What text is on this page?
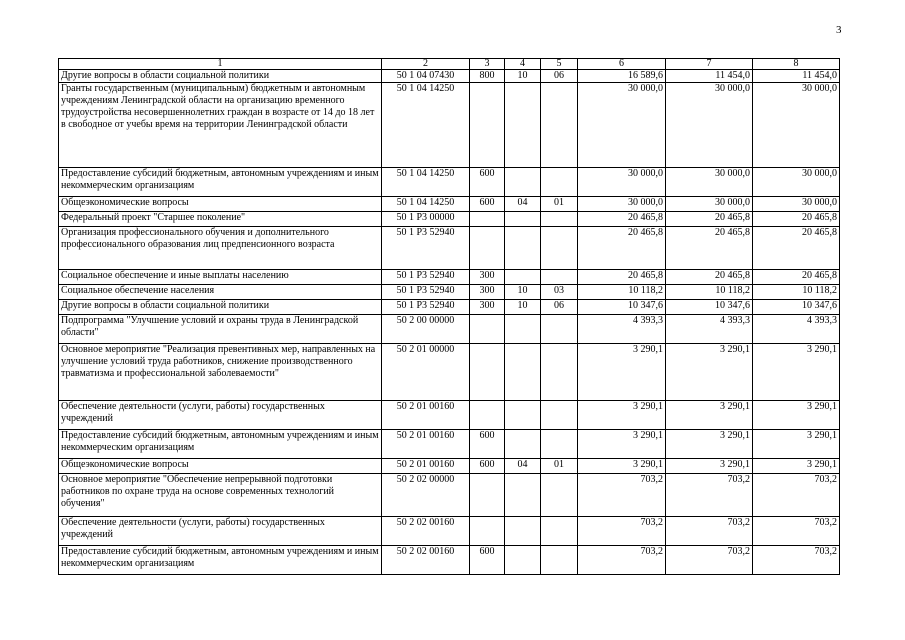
3
1	2	3	4	5	6	7	8
Другие вопросы в области социальной политики	50 1 04 07430	800	10	06	16 589,6	11 454,0	11 454,0
Гранты государственным (муниципальным) бюджетным и автономным учреждениям Ленинградской области на организацию временного трудоустройства несовершеннолетних граждан в возрасте от 14 до 18 лет в свободное от учебы время на территории Ленинградской области	50 1 04 14250				30 000,0	30 000,0	30 000,0
Предоставление субсидий бюджетным, автономным учреждениям и иным некоммерческим организациям	50 1 04 14250	600			30 000,0	30 000,0	30 000,0
Общеэкономические вопросы	50 1 04 14250	600	04	01	30 000,0	30 000,0	30 000,0
Федеральный проект "Старшее поколение"	50 1 P3 00000				20 465,8	20 465,8	20 465,8
Организация профессионального обучения и дополнительного профессионального образования лиц предпенсионного возраста	50 1 P3 52940				20 465,8	20 465,8	20 465,8
Социальное обеспечение и иные выплаты населению	50 1 P3 52940	300			20 465,8	20 465,8	20 465,8
Социальное обеспечение населения	50 1 P3 52940	300	10	03	10 118,2	10 118,2	10 118,2
Другие вопросы в области социальной политики	50 1 P3 52940	300	10	06	10 347,6	10 347,6	10 347,6
Подпрограмма "Улучшение условий и охраны труда в Ленинградской области"	50 2 00 00000				4 393,3	4 393,3	4 393,3
Основное мероприятие "Реализация превентивных мер, направленных на улучшение условий труда работников, снижение производственного травматизма и профессиональной заболеваемости"	50 2 01 00000				3 290,1	3 290,1	3 290,1
Обеспечение деятельности (услуги, работы) государственных учреждений	50 2 01 00160				3 290,1	3 290,1	3 290,1
Предоставление субсидий бюджетным, автономным учреждениям и иным некоммерческим организациям	50 2 01 00160	600			3 290,1	3 290,1	3 290,1
Общеэкономические вопросы	50 2 01 00160	600	04	01	3 290,1	3 290,1	3 290,1
Основное мероприятие "Обеспечение непрерывной подготовки работников по охране труда на основе современных технологий обучения"	50 2 02 00000				703,2	703,2	703,2
Обеспечение деятельности (услуги, работы) государственных учреждений	50 2 02 00160				703,2	703,2	703,2
Предоставление субсидий бюджетным, автономным учреждениям и иным некоммерческим организациям	50 2 02 00160	600			703,2	703,2	703,2
